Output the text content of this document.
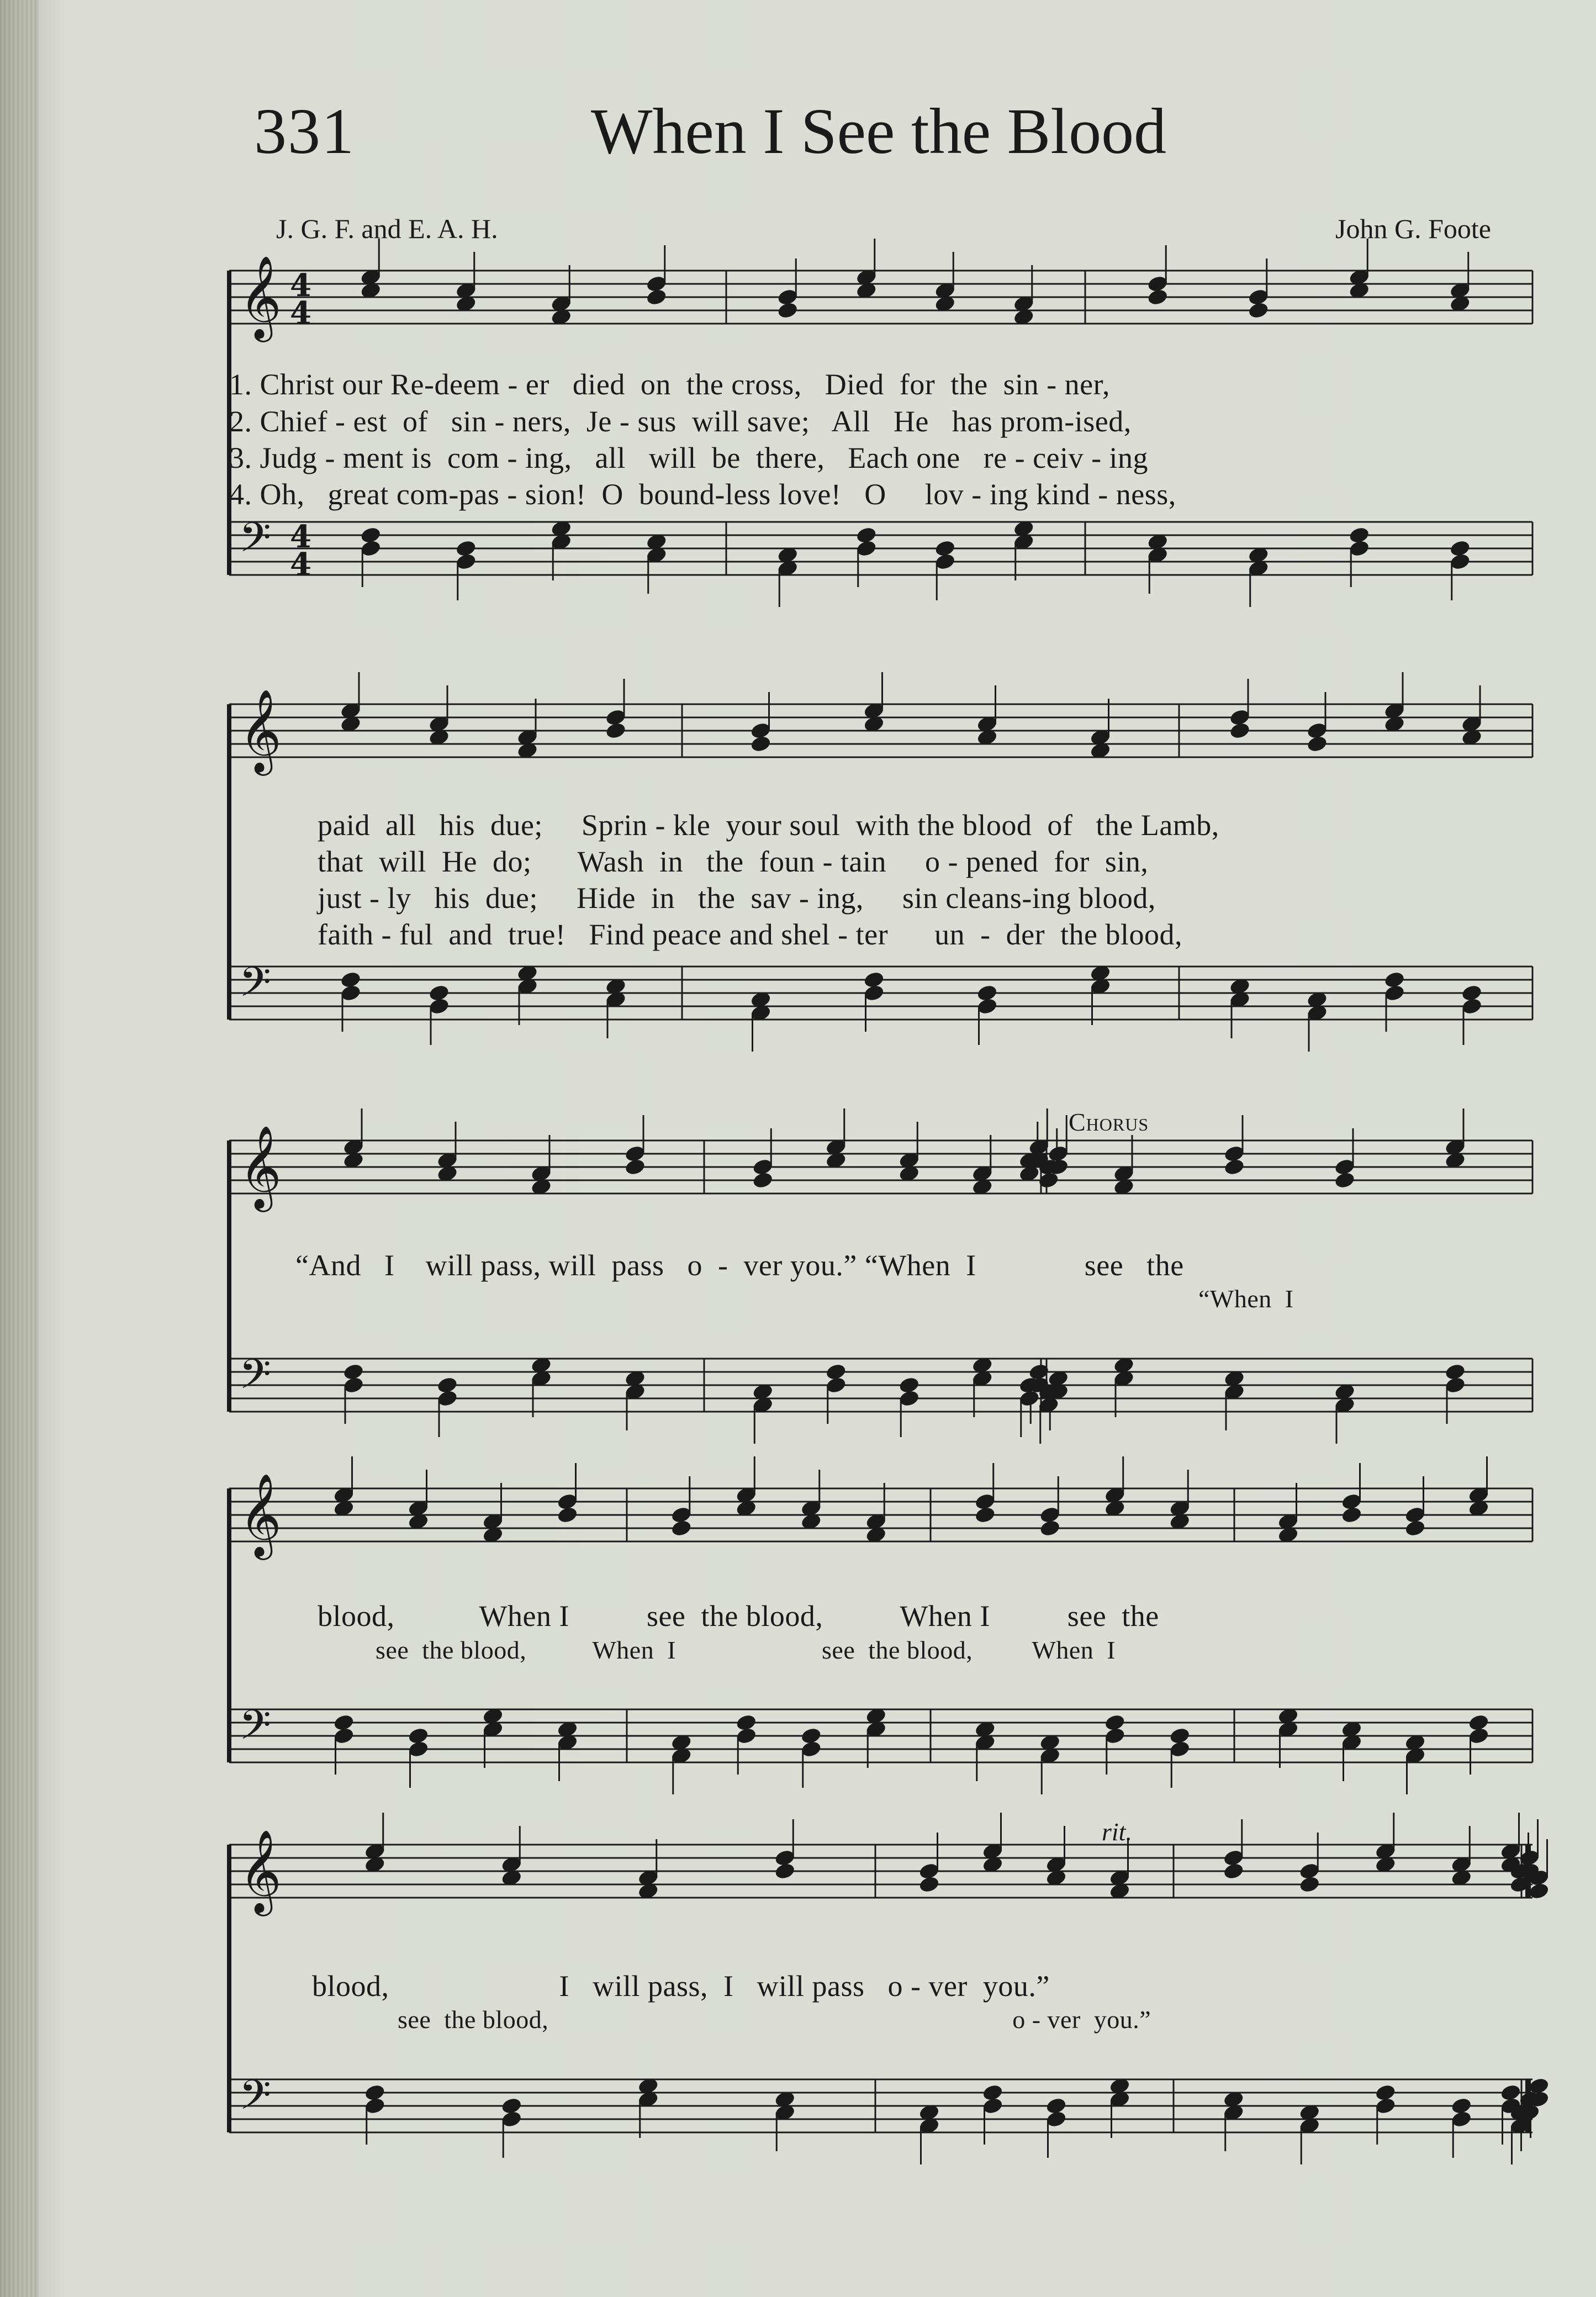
331	When I See the Blood
J. G. F. and E. A. H.	John G. Foote
𝄞 4
4
𝄢 4
4
1. Christ our Re-deem - er   died  on  the cross,   Died  for  the  sin - ner,
2. Chief - est  of   sin - ners,  Je - sus  will save;   All   He   has prom-ised,
3. Judg - ment is  com - ing,   all   will  be  there,   Each one   re - ceiv - ing
4. Oh,   great com-pas - sion!  O  bound-less love!   O     lov - ing kind - ness,
𝄞
𝄢
paid  all   his  due;     Sprin - kle  your soul  with the blood  of   the Lamb,
that  will  He  do;      Wash  in   the  foun - tain     o - pened  for  sin,
just - ly   his  due;     Hide  in   the  sav - ing,     sin cleans-ing blood,
faith - ful  and  true!   Find peace and shel - ter      un  -  der  the blood,
𝄞
𝄢
Chorus
“And   I    will pass, will  pass   o  -  ver you.” “When  I              see   the
“When  I
𝄞
𝄢
blood,           When I          see  the blood,          When I          see  the
see  the blood,          When  I                      see  the blood,         When  I
𝄞
𝄢
rit.
blood,                      I   will pass,  I   will pass   o - ver  you.”
see  the blood,                                                                      o - ver  you.”
